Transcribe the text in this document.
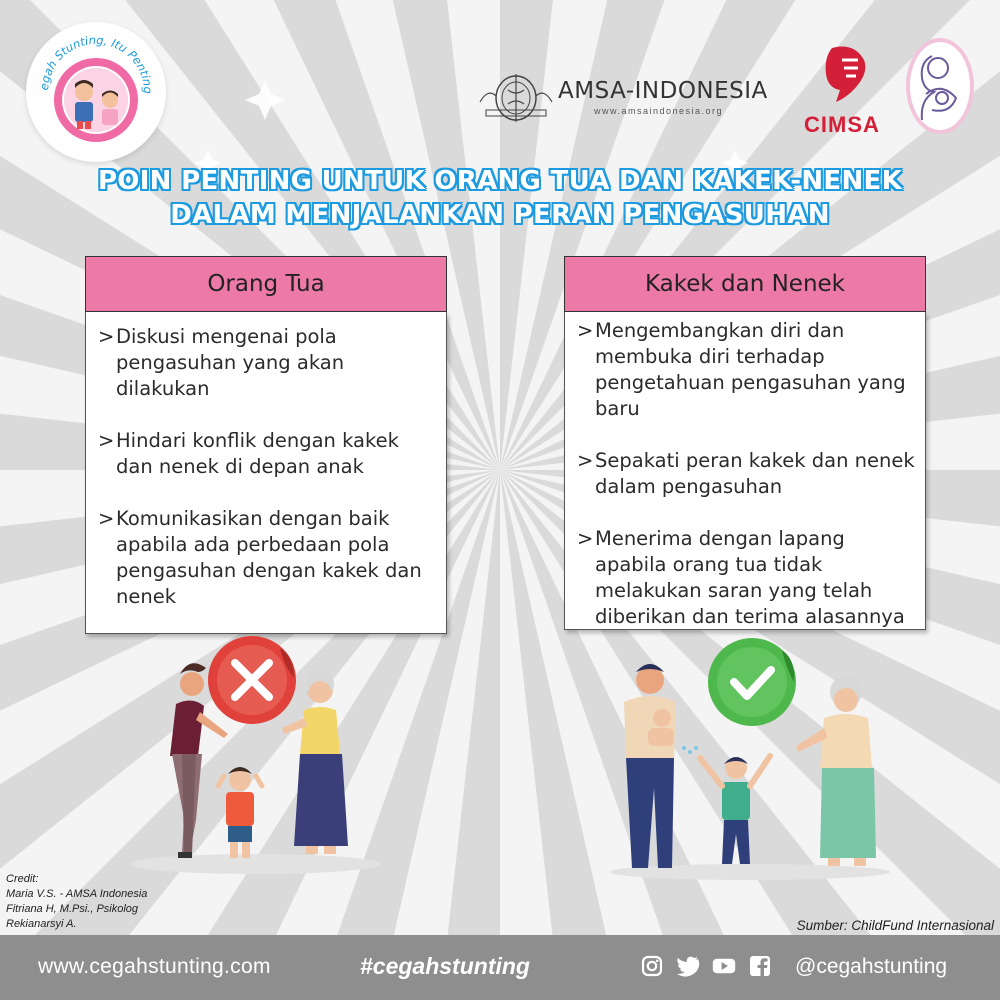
egah Stunting, Itu Penting	AMSA-INDONESIA
www.amsaindonesia.org
CIMSA
POIN PENTING UNTUK ORANG TUA DAN KAKEK-NENEK
DALAM MENJALANKAN PERAN PENGASUHAN
Orang Tua
> Diskusi mengenai pola pengasuhan yang akan dilakukan
> Hindari konflik dengan kakek dan nenek di depan anak
> Komunikasikan dengan baik apabila ada perbedaan pola pengasuhan dengan kakek dan nenek
Kakek dan Nenek
> Mengembangkan diri dan membuka diri terhadap pengetahuan pengasuhan yang baru
> Sepakati peran kakek dan nenek dalam pengasuhan
> Menerima dengan lapang apabila orang tua tidak melakukan saran yang telah diberikan dan terima alasannya
Credit:
Maria V.S. - AMSA Indonesia
Fitriana H, M.Psi., Psikolog
Rekianarsyi A.	Sumber: ChildFund Internasional
www.cegahstunting.com	#cegahstunting	@cegahstunting
